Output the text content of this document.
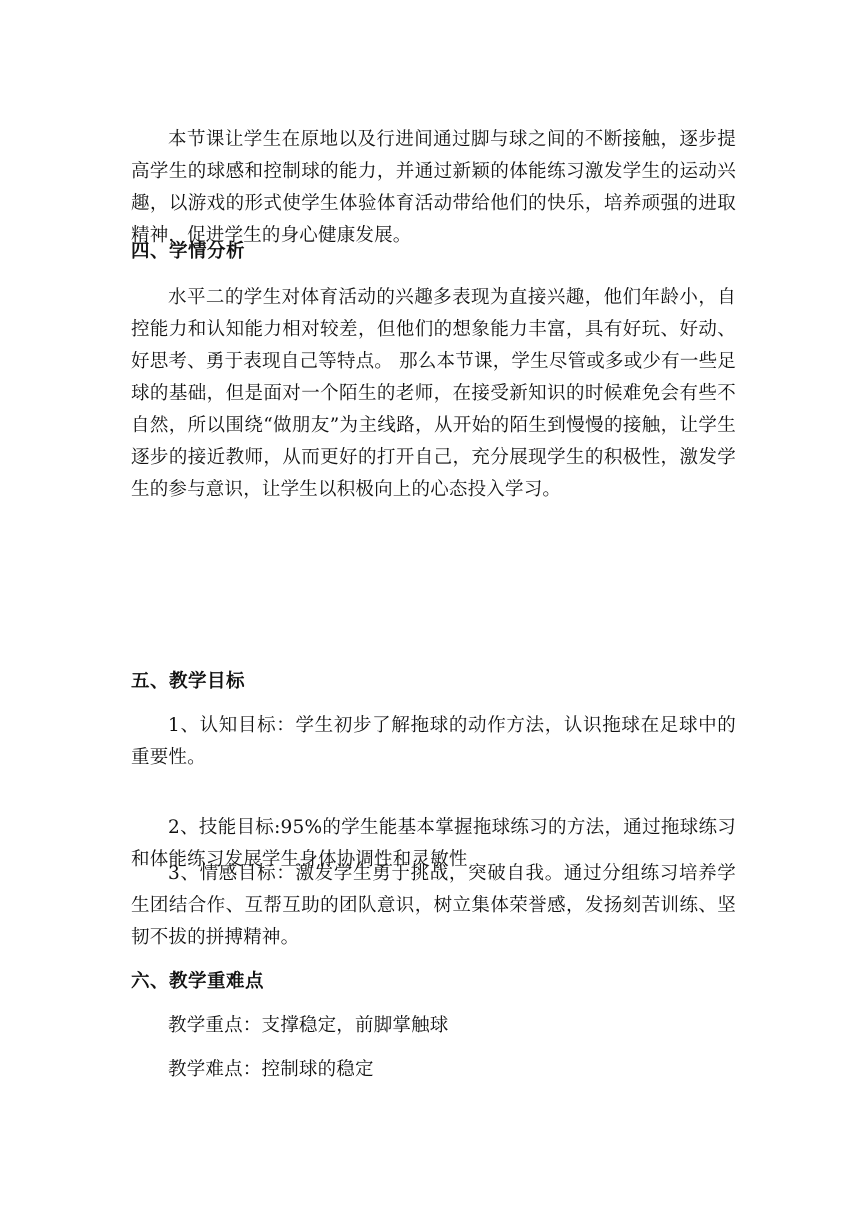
本节课让学生在原地以及行进间通过脚与球之间的不断接触，逐步提高学生的球感和控制球的能力，并通过新颖的体能练习激发学生的运动兴趣，以游戏的形式使学生体验体育活动带给他们的快乐，培养顽强的进取精神，促进学生的身心健康发展。

四、学情分析

水平二的学生对体育活动的兴趣多表现为直接兴趣，他们年龄小，自控能力和认知能力相对较差，但他们的想象能力丰富，具有好玩、好动、好思考、勇于表现自己等特点。 那么本节课，学生尽管或多或少有一些足球的基础，但是面对一个陌生的老师，在接受新知识的时候难免会有些不自然，所以围绕“做朋友”为主线路，从开始的陌生到慢慢的接触，让学生逐步的接近教师，从而更好的打开自己，充分展现学生的积极性，激发学生的参与意识，让学生以积极向上的心态投入学习。

五、教学目标

1、认知目标：学生初步了解拖球的动作方法，认识拖球在足球中的重要性。

2、技能目标:95%的学生能基本掌握拖球练习的方法，通过拖球练习和体能练习发展学生身体协调性和灵敏性

3、情感目标：激发学生勇于挑战，突破自我。通过分组练习培养学生团结合作、互帮互助的团队意识，树立集体荣誉感，发扬刻苦训练、坚韧不拔的拼搏精神。

六、教学重难点

教学重点：支撑稳定，前脚掌触球

教学难点：控制球的稳定
